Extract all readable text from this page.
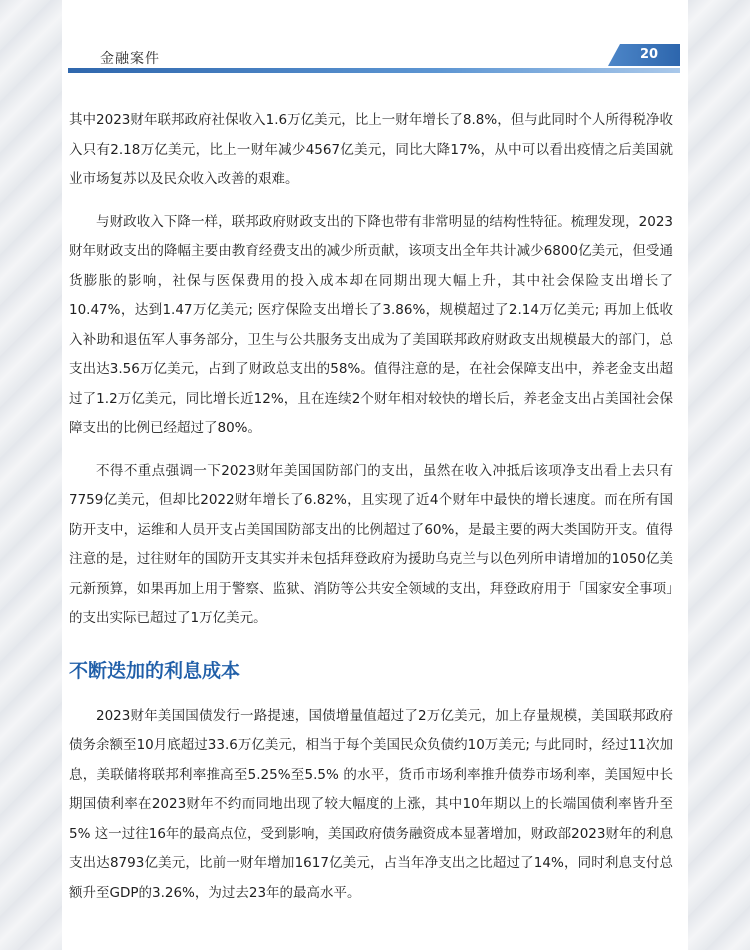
金融案件	20

其中2023财年联邦政府社保收入1.6万亿美元，比上一财年增长了8.8%，但与此同时个人所得税净收入只有2.18万亿美元，比上一财年减少4567亿美元，同比大降17%，从中可以看出疫情之后美国就业市场复苏以及民众收入改善的艰难。

与财政收入下降一样，联邦政府财政支出的下降也带有非常明显的结构性特征。梳理发现，2023财年财政支出的降幅主要由教育经费支出的减少所贡献，该项支出全年共计减少6800亿美元，但受通货膨胀的影响，社保与医保费用的投入成本却在同期出现大幅上升，其中社会保险支出增长了10.47%，达到1.47万亿美元; 医疗保险支出增长了3.86%，规模超过了2.14万亿美元; 再加上低收入补助和退伍军人事务部分，卫生与公共服务支出成为了美国联邦政府财政支出规模最大的部门，总支出达3.56万亿美元，占到了财政总支出的58%。值得注意的是，在社会保障支出中，养老金支出超过了1.2万亿美元，同比增长近12%，且在连续2个财年相对较快的增长后，养老金支出占美国社会保障支出的比例已经超过了80%。

不得不重点强调一下2023财年美国国防部门的支出，虽然在收入冲抵后该项净支出看上去只有7759亿美元，但却比2022财年增长了6.82%，且实现了近4个财年中最快的增长速度。而在所有国防开支中，运维和人员开支占美国国防部支出的比例超过了60%，是最主要的两大类国防开支。值得注意的是，过往财年的国防开支其实并未包括拜登政府为援助乌克兰与以色列所申请增加的1050亿美元新预算，如果再加上用于警察、监狱、消防等公共安全领域的支出，拜登政府用于「国家安全事项」的支出实际已超过了1万亿美元。

不断迭加的利息成本

2023财年美国国债发行一路提速，国债增量值超过了2万亿美元，加上存量规模，美国联邦政府债务余额至10月底超过33.6万亿美元，相当于每个美国民众负债约10万美元; 与此同时，经过11次加息，美联储将联邦利率推高至5.25%至5.5% 的水平，货币市场利率推升债券市场利率，美国短中长期国债利率在2023财年不约而同地出现了较大幅度的上涨，其中10年期以上的长端国债利率皆升至5% 这一过往16年的最高点位，受到影响，美国政府债务融资成本显著增加，财政部2023财年的利息支出达8793亿美元，比前一财年增加1617亿美元，占当年净支出之比超过了14%，同时利息支付总额升至GDP的3.26%，为过去23年的最高水平。
